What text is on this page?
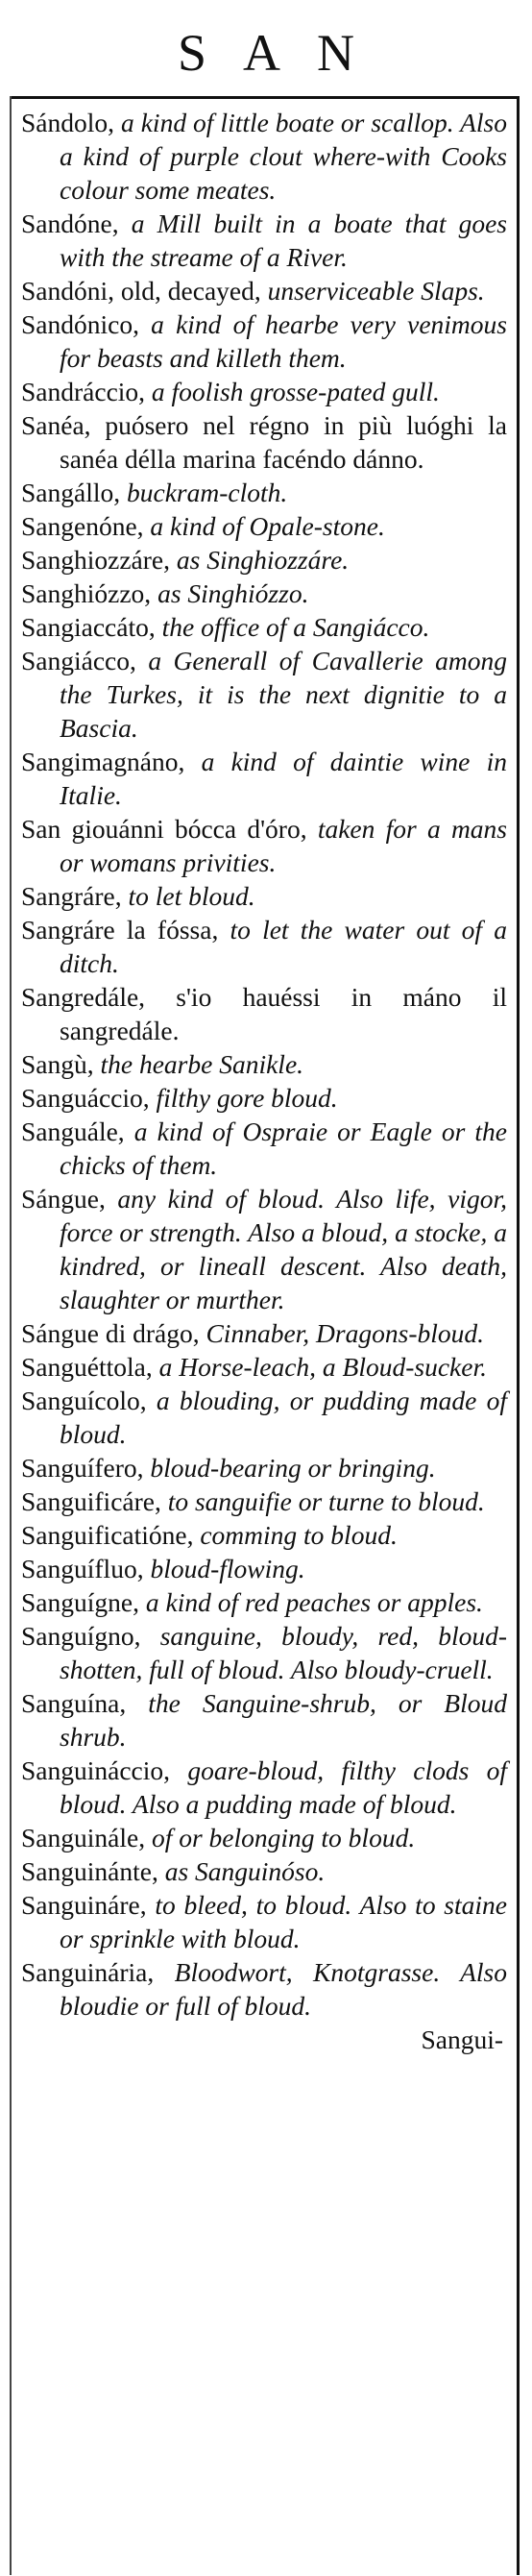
SAN
Sándolo, a kind of little boate or scallop. Also a kind of purple clout where-with Cooks colour some meates.
Sandóne, a Mill built in a boate that goes with the streame of a River.
Sandóni, old, decayed, unserviceable Slaps.
Sandónico, a kind of hearbe very venimous for beasts and killeth them.
Sandráccio, a foolish grosse-pated gull.
Sanéa, puósero nel régno in più luóghi la sanéa délla marina facéndo dánno.
Sangállo, buckram-cloth.
Sangenóne, a kind of Opale-stone.
Sanghiozzáre, as Singhiozzáre.
Sanghiózzo, as Singhiózzo.
Sangiaccáto, the office of a Sangiácco.
Sangiácco, a Generall of Cavallerie among the Turkes, it is the next dignitie to a Bascia.
Sangimagnáno, a kind of daintie wine in Italie.
San giouánni bócca d'óro, taken for a mans or womans privities.
Sangráre, to let bloud.
Sangráre la fóssa, to let the water out of a ditch.
Sangredále, s'io hauéssi in máno il sangredále.
Sangù, the hearbe Sanikle.
Sanguáccio, filthy gore bloud.
Sanguále, a kind of Ospraie or Eagle or the chicks of them.
Sángue, any kind of bloud. Also life, vigor, force or strength. Also a bloud, a stocke, a kindred, or lineall descent. Also death, slaughter or murther.
Sángue di drágo, Cinnaber, Dragons-bloud.
Sanguéttola, a Horse-leach, a Bloud-sucker.
Sanguícolo, a blouding, or pudding made of bloud.
Sanguífero, bloud-bearing or bringing.
Sanguificáre, to sanguifie or turne to bloud.
Sanguificatióne, comming to bloud.
Sanguífluo, bloud-flowing.
Sanguígne, a kind of red peaches or apples.
Sanguígno, sanguine, bloudy, red, bloud-shotten, full of bloud. Also bloudy-cruell.
Sanguína, the Sanguine-shrub, or Bloud shrub.
Sanguináccio, goare-bloud, filthy clods of bloud. Also a pudding made of bloud.
Sanguinále, of or belonging to bloud.
Sanguinánte, as Sanguinóso.
Sanguináre, to bleed, to bloud. Also to staine or sprinkle with bloud.
Sanguinária, Bloodwort, Knotgrasse. Also bloudie or full of bloud.
Sangui-
